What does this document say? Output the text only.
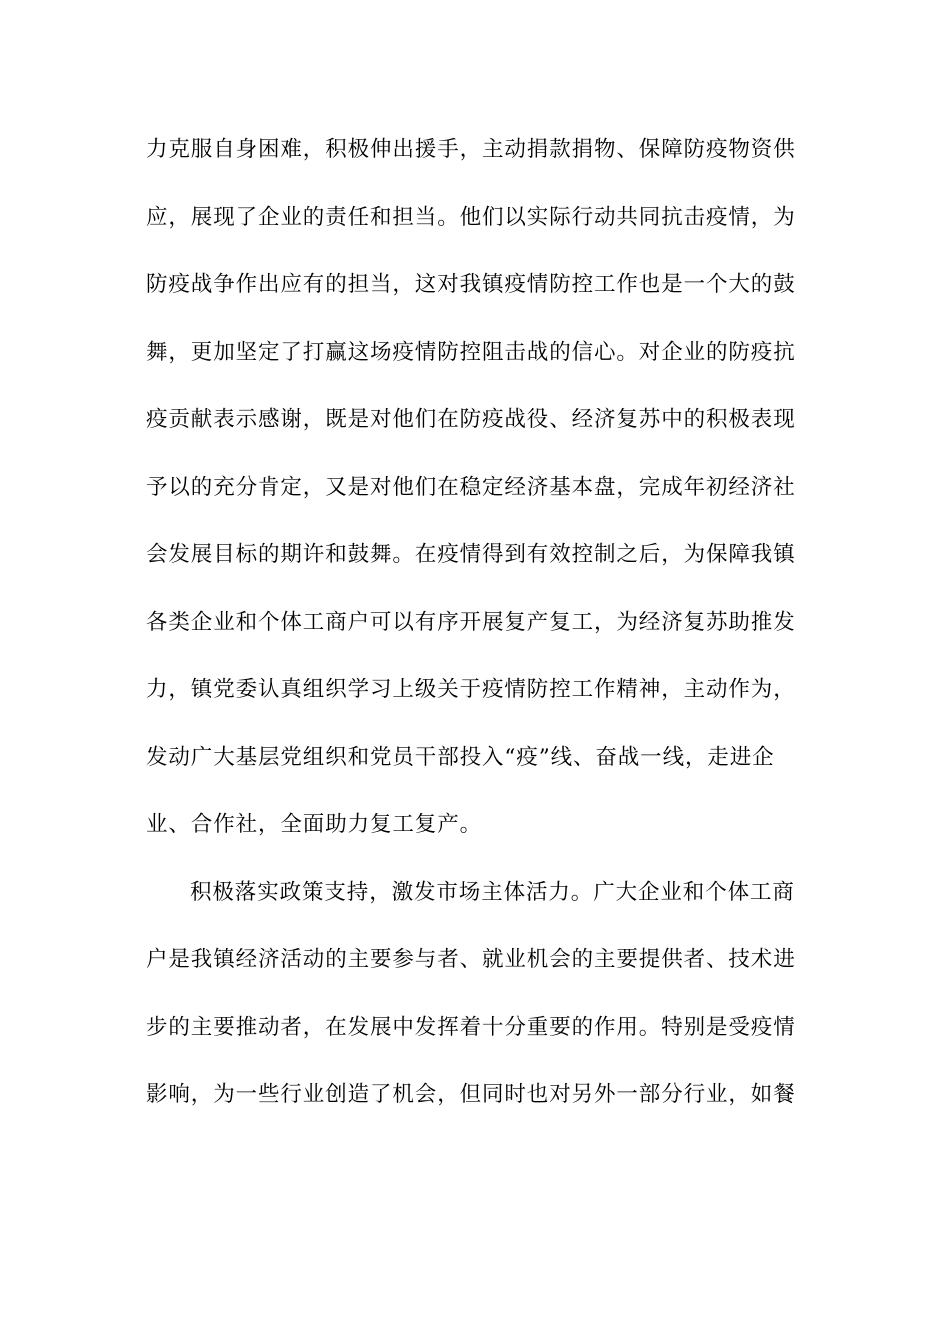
力克服自身困难，积极伸出援手，主动捐款捐物、保障防疫物资供
应，展现了企业的责任和担当。他们以实际行动共同抗击疫情，为
防疫战争作出应有的担当，这对我镇疫情防控工作也是一个大的鼓
舞，更加坚定了打赢这场疫情防控阻击战的信心。对企业的防疫抗
疫贡献表示感谢，既是对他们在防疫战役、经济复苏中的积极表现
予以的充分肯定，又是对他们在稳定经济基本盘，完成年初经济社
会发展目标的期许和鼓舞。在疫情得到有效控制之后，为保障我镇
各类企业和个体工商户可以有序开展复产复工，为经济复苏助推发
力，镇党委认真组织学习上级关于疫情防控工作精神，主动作为，
发动广大基层党组织和党员干部投入“疫”线、奋战一线，走进企
业、合作社，全面助力复工复产。
积极落实政策支持，激发市场主体活力。广大企业和个体工商
户是我镇经济活动的主要参与者、就业机会的主要提供者、技术进
步的主要推动者，在发展中发挥着十分重要的作用。特别是受疫情
影响，为一些行业创造了机会，但同时也对另外一部分行业，如餐
